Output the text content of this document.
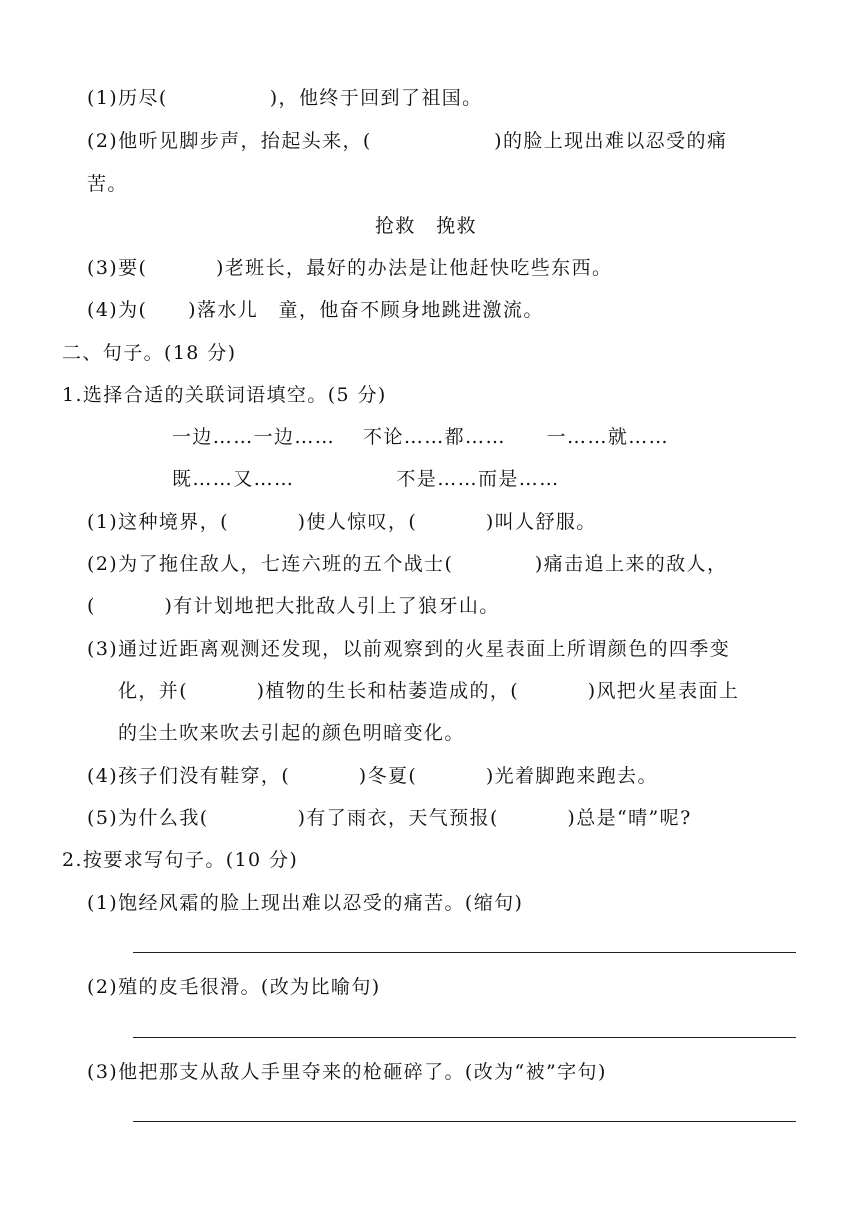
(1)历尽(　　　　　)，他终于回到了祖国。
(2)他听见脚步声，抬起头来，(　　　　　　)的脸上现出难以忍受的痛
苦。
抢救　挽救
(3)要(　　　 )老班长，最好的办法是让他赶快吃些东西。
(4)为(　　)落水儿　童，他奋不顾身地跳进激流。
二、句子。(18 分)
1.选择合适的关联词语填空。(5 分)
一边……一边……　 不论……都……　　一……就……
既……又……　　　　　不是……而是……
(1)这种境界，(　　　 )使人惊叹，(　　　 )叫人舒服。
(2)为了拖住敌人，七连六班的五个战士(　　　　)痛击追上来的敌人，
(　　　 )有计划地把大批敌人引上了狼牙山。
(3)通过近距离观测还发现，以前观察到的火星表面上所谓颜色的四季变
化，并(　　　 )植物的生长和枯萎造成的，(　　　 )风把火星表面上
的尘土吹来吹去引起的颜色明暗变化。
(4)孩子们没有鞋穿，(　　　 )冬夏(　　　 )光着脚跑来跑去。
(5)为什么我(　　　　 )有了雨衣，天气预报(　　　 )总是“晴”呢?
2.按要求写句子。(10 分)
(1)饱经风霜的脸上现出难以忍受的痛苦。(缩句)
(2)殖的皮毛很滑。(改为比喻句)
(3)他把那支从敌人手里夺来的枪砸碎了。(改为“被”字句)
